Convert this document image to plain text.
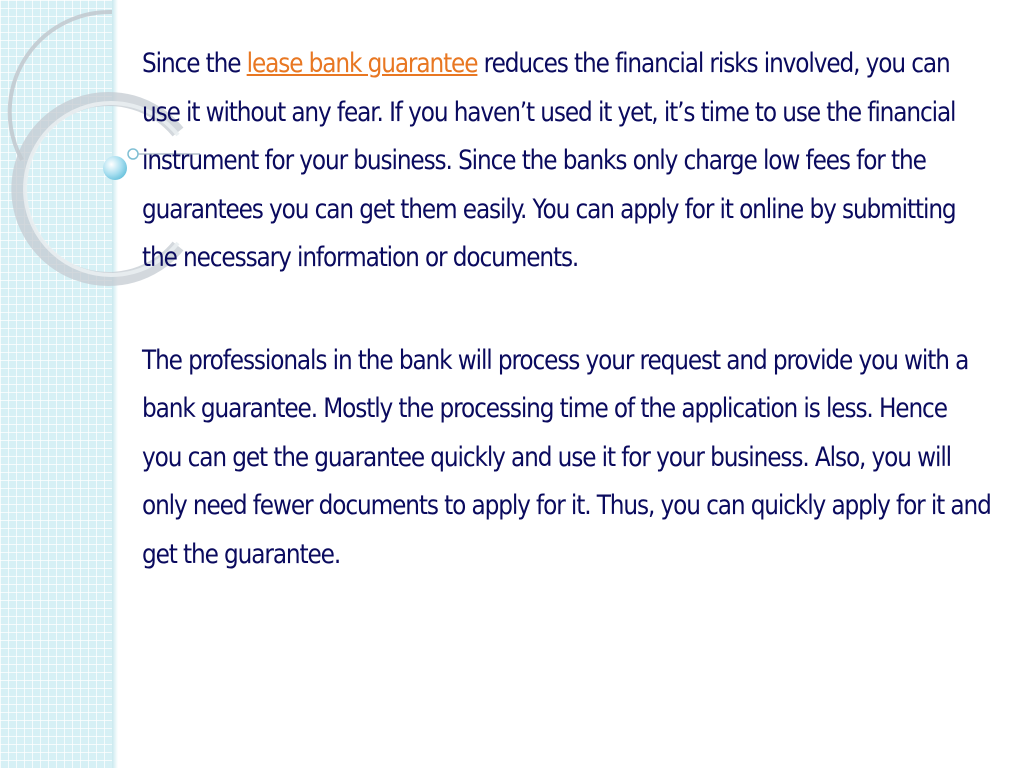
Since the lease bank guarantee reduces the financial risks involved, you can use it without any fear. If you haven’t used it yet, it’s time to use the financial instrument for your business. Since the banks only charge low fees for the guarantees you can get them easily. You can apply for it online by submitting the necessary information or documents.

The professionals in the bank will process your request and provide you with a bank guarantee. Mostly the processing time of the application is less. Hence you can get the guarantee quickly and use it for your business. Also, you will only need fewer documents to apply for it. Thus, you can quickly apply for it and get the guarantee.
